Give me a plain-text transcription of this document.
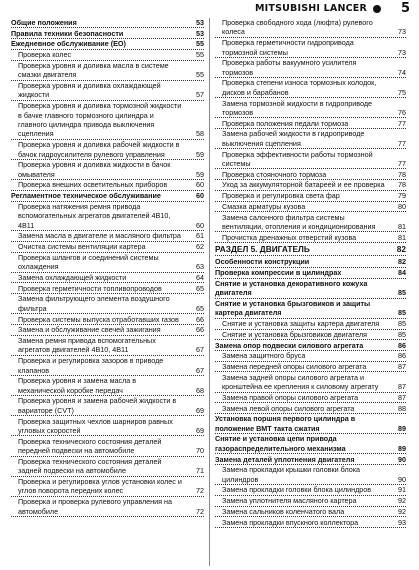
MITSUBISHI LANCER	5
Общие положения	53
Правила техники безопасности	53
Ежедневное обслуживание (ЕО)	55
Проверка колес	55
Проверка уровня и доливка масла в системе смазки двигателя	55
Проверка уровня и доливка охлаждающей жидкости	57
Проверка уровня и доливка тормозной жидкости в бачке главного тормозного цилиндра и главного цилиндра привода выключения сцепления	58
Проверка уровня и доливка рабочей жидкости в бачок гидроусилителя рулевого управления	59
Проверка уровня и доливка жидкости в бачок омывателя	59
Проверка внешних осветительных приборов	60
Регламентное техническое обслуживание	60
Проверка натяжения ремня привода вспомогательных агрегатов двигателей 4В10, 4В11	60
Замена масла в двигателе и масляного фильтра	61
Очистка системы вентиляции картера	62
Проверка шлангов и соединений системы охлаждения	63
Замена охлаждающей жидкости	64
Проверка герметичности топливопроводов	65
Замена фильтрующего элемента воздушного фильтра	65
Проверка системы выпуска отработавших газов	66
Замена и обслуживание свечей зажигания	66
Замена ремня привода вспомогательных агрегатов двигателей 4В10, 4В11	67
Проверка и регулировка зазоров в приводе клапанов	67
Проверка уровня и замена масла в механической коробке передач	68
Проверка уровня и замена рабочей жидкости в вариаторе (CVT)	69
Проверка защитных чехлов шарниров равных угловых скоростей	69
Проверка технического состояния деталей передней подвески на автомобиле	70
Проверка технического состояния деталей задней подвески на автомобиле	71
Проверка и регулировка углов установки колес и углов поворота передних колес	72
Проверка и проверка рулевого управления на автомобиле	72
Проверка свободного хода (люфта) рулевого колеса	73
Проверка герметичности гидропривода тормозной системы	73
Проверка работы вакуумного усилителя тормозов	74
Проверка степени износа тормозных колодок, дисков и барабанов	75
Замена тормозной жидкости в гидроприводе тормозов	76
Проверка положения педали тормоза	77
Замена рабочей жидкости в гидроприводе выключения сцепления	77
Проверка эффективности работы тормозной системы	77
Проверка стояночного тормоза	78
Уход за аккумуляторной батареей и ее проверка 78
Проверка и регулировка света фар	79
Смазка арматуры кузова	80
Замена салонного фильтра системы вентиляции, отопления и кондиционирования	81
Прочистка дренажных отверстий кузова	81
РАЗДЕЛ 5. ДВИГАТЕЛЬ	82
Особенности конструкции	82
Проверка компрессии в цилиндрах	84
Снятие и установка декоративного кожуха двигателя	85
Снятие и установка брызговиков и защиты картера двигателя	85
Снятие и установка защиты картера двигателя	85
Снятие и установка брызговиков двигателя	85
Замена опор подвески силового агрегата	86
Замена защитного бруса	86
Замена передней опоры силового агрегата	87
Замена задней опоры силового агрегата и кронштейна ее крепления к силовому агрегату	87
Замена правой опоры силового агрегата	87
Замена левой опоры силового агрегата	88
Установка поршня первого цилиндра в положение ВМТ такта сжатия	89
Снятие и установка цепи привода газораспределительного механизма	89
Замена деталей уплотнения двигателя	90
Замена прокладки крышки головки блока цилиндров	90
Замена прокладки головки блока цилиндров	91
Замена уплотнителя масляного картера	92
Замена сальников коленчатого вала	92
Замена прокладки впускного коллектора	93
